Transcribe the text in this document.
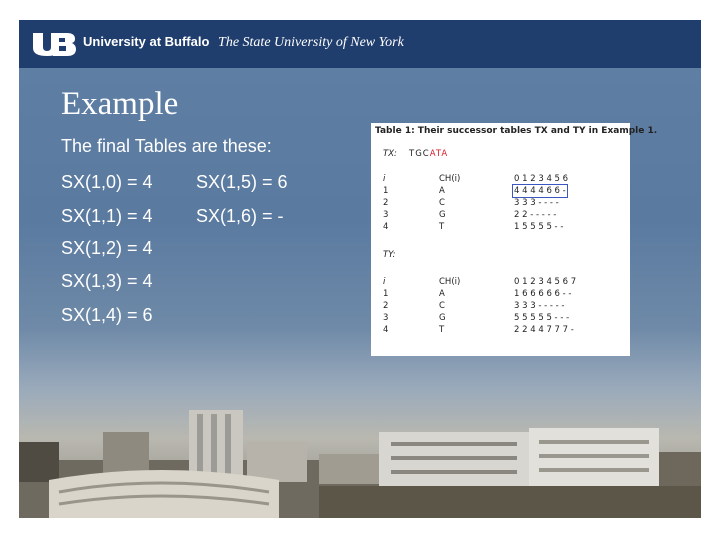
University at Buffalo The State University of New York
Example
The final Tables are these:
SX(1,0) = 4
SX(1,1) = 4
SX(1,2) = 4
SX(1,3) = 4
SX(1,4) = 6
SX(1,5) = 6
SX(1,6) = -
Table 1: Their successor tables TX and TY in Example 1.
TX: TGCATA
i	CH(i)	0 1 2 3 4 5 6
1	A	4 4 4 4 6 6 -
2	C	3 3 3 - - - -
3	G	2 2 - - - - -
4	T	1 5 5 5 5 - -
TY:
i	CH(i)	0 1 2 3 4 5 6 7
1	A	1 6 6 6 6 6 - -
2	C	3 3 3 - - - - -
3	G	5 5 5 5 5 - - -
4	T	2 2 4 4 7 7 7 -
